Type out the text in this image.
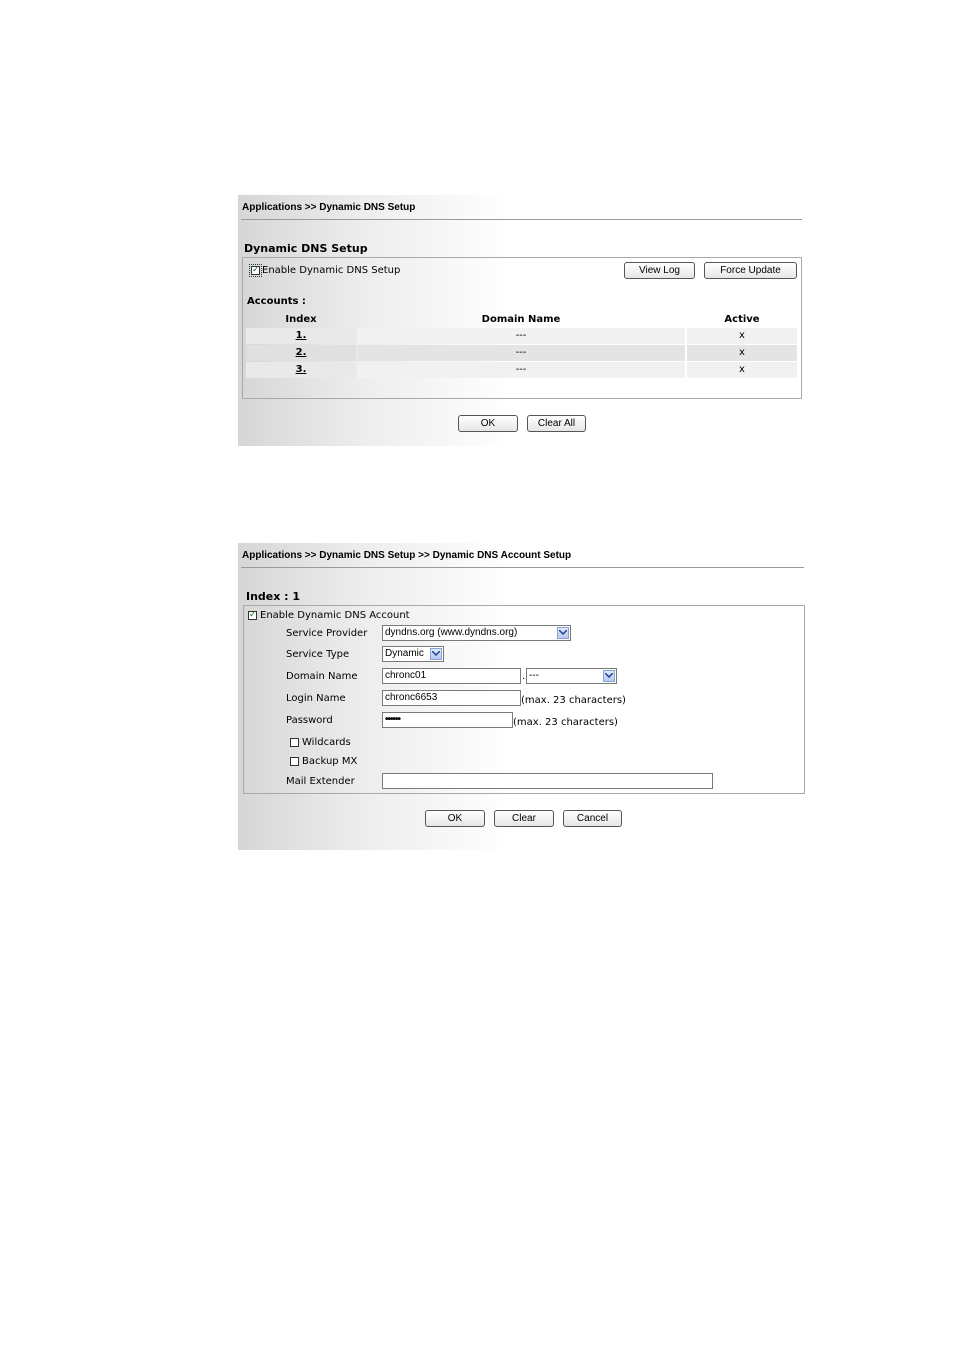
Applications >> Dynamic DNS Setup
Dynamic DNS Setup
✓ Enable Dynamic DNS Setup	View Log	Force Update
Accounts :
Index	Domain Name	Active
1.	---	x
2.	---	x
3.	---	x
OK	Clear All
Applications >> Dynamic DNS Setup >> Dynamic DNS Account Setup
Index : 1
✓ Enable Dynamic DNS Account
Service Provider	dyndns.org (www.dyndns.org)
Service Type	Dynamic
Domain Name	chronc01	. ---
Login Name	chronc6653	(max. 23 characters)
Password	••••••	(max. 23 characters)
Wildcards
Backup MX
Mail Extender
OK	Clear	Cancel
